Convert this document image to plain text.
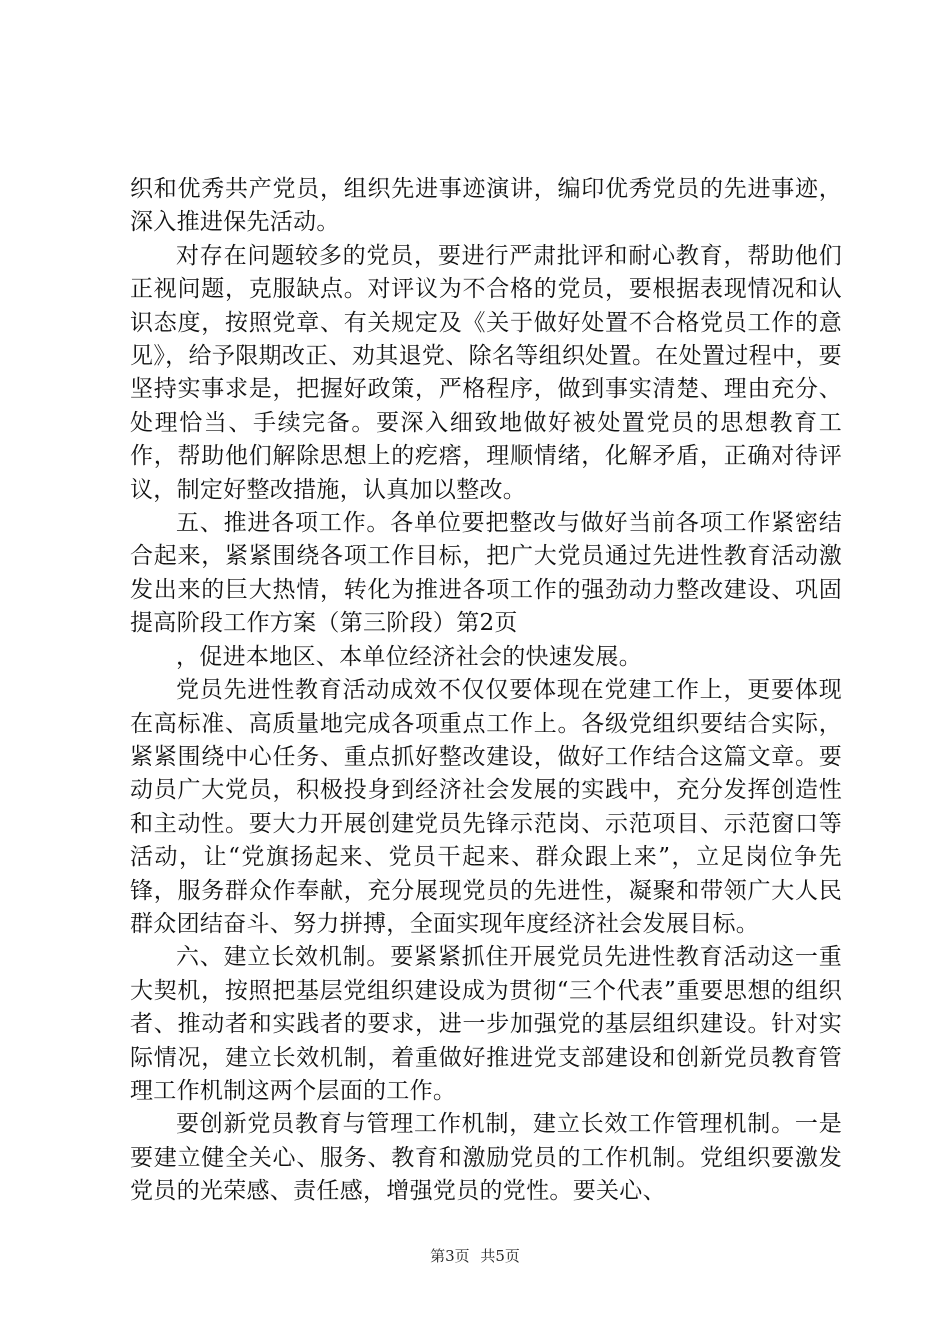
织和优秀共产党员，组织先进事迹演讲，编印优秀党员的先进事迹，深入推进保先活动。

对存在问题较多的党员，要进行严肃批评和耐心教育，帮助他们正视问题，克服缺点。对评议为不合格的党员，要根据表现情况和认识态度，按照党章、有关规定及《关于做好处置不合格党员工作的意见》，给予限期改正、劝其退党、除名等组织处置。在处置过程中，要坚持实事求是，把握好政策，严格程序，做到事实清楚、理由充分、处理恰当、手续完备。要深入细致地做好被处置党员的思想教育工作，帮助他们解除思想上的疙瘩，理顺情绪，化解矛盾，正确对待评议，制定好整改措施，认真加以整改。

五、推进各项工作。各单位要把整改与做好当前各项工作紧密结合起来，紧紧围绕各项工作目标，把广大党员通过先进性教育活动激发出来的巨大热情，转化为推进各项工作的强劲动力整改建设、巩固提高阶段工作方案（第三阶段）第2页

，促进本地区、本单位经济社会的快速发展。

党员先进性教育活动成效不仅仅要体现在党建工作上，更要体现在高标准、高质量地完成各项重点工作上。各级党组织要结合实际，紧紧围绕中心任务、重点抓好整改建设，做好工作结合这篇文章。要动员广大党员，积极投身到经济社会发展的实践中，充分发挥创造性和主动性。要大力开展创建党员先锋示范岗、示范项目、示范窗口等活动，让“党旗扬起来、党员干起来、群众跟上来”，立足岗位争先锋，服务群众作奉献，充分展现党员的先进性，凝聚和带领广大人民群众团结奋斗、努力拼搏，全面实现年度经济社会发展目标。

六、建立长效机制。要紧紧抓住开展党员先进性教育活动这一重大契机，按照把基层党组织建设成为贯彻“三个代表”重要思想的组织者、推动者和实践者的要求，进一步加强党的基层组织建设。针对实际情况，建立长效机制，着重做好推进党支部建设和创新党员教育管理工作机制这两个层面的工作。

要创新党员教育与管理工作机制，建立长效工作管理机制。一是要建立健全关心、服务、教育和激励党员的工作机制。党组织要激发党员的光荣感、责任感，增强党员的党性。要关心、

第3页 共5页
